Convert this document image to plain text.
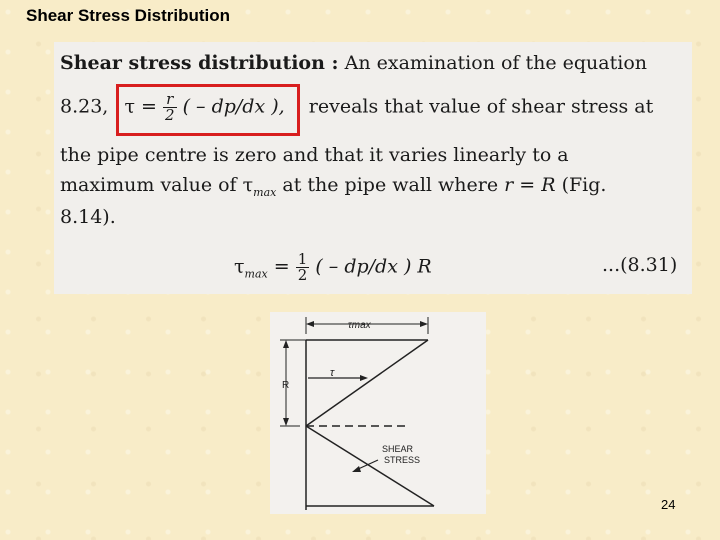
Shear Stress Distribution
Shear stress distribution : An examination of the equation
8.23, $\tau = \frac{r}{2}$ ( – dp/dx ), reveals that value of shear stress at
the pipe centre is zero and that it varies linearly to a
maximum value of $\tau_{max}$ at the pipe wall where r = R (Fig.
8.14).
$\tau_{max} = \frac{1}{2}$ ( – dp/dx ) R	...(8.31)
τmax
τ
R
SHEAR
STRESS
24
